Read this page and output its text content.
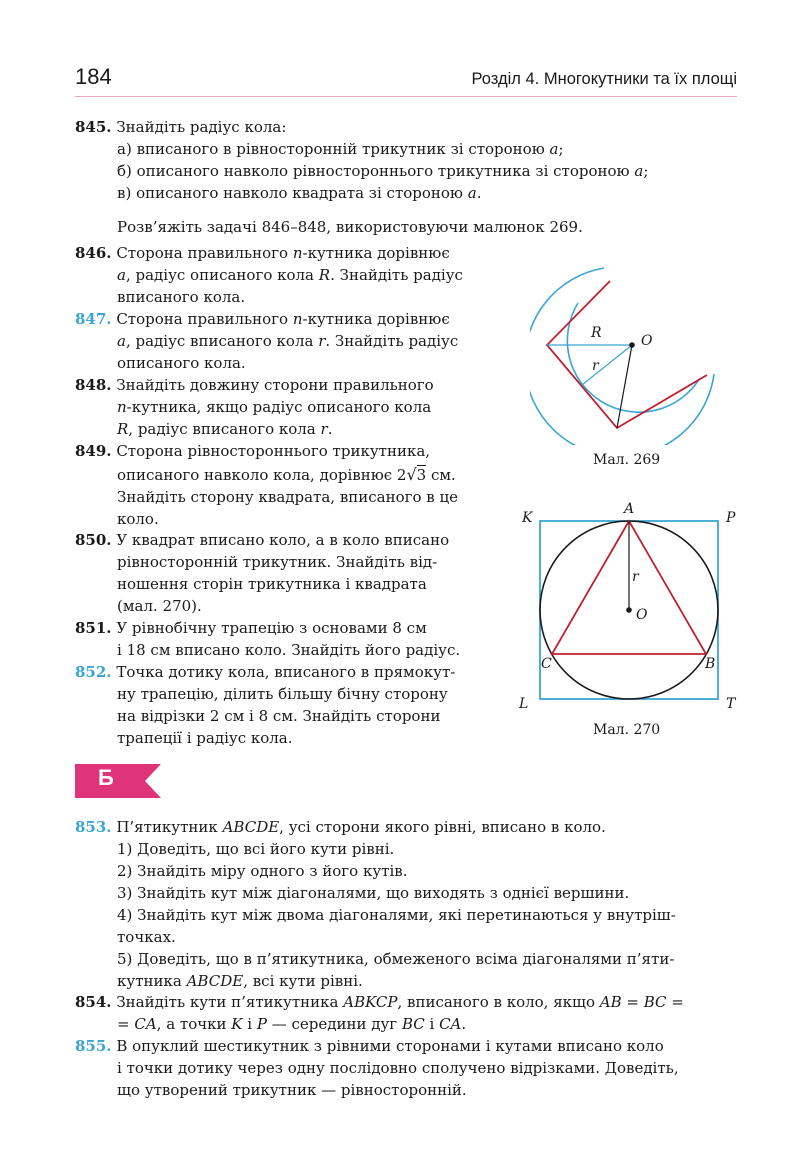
184	Розділ 4. Многокутники та їх площі
845. Знайдіть радіус кола:
а) вписаного в рівносторонній трикутник зі стороною a;
б) описаного навколо рівностороннього трикутника зі стороною a;
в) описаного навколо квадрата зі стороною a.
Розв’яжіть задачі 846–848, використовуючи малюнок 269.
846. Сторона правильного n-кутника дорівнює
a, радіус описаного кола R. Знайдіть радіус
вписаного кола.
847. Сторона правильного n-кутника дорівнює
a, радіус вписаного кола r. Знайдіть радіус
описаного кола.
848. Знайдіть довжину сторони правильного
n-кутника, якщо радіус описаного кола
R, радіус вписаного кола r.
849. Сторона рівностороннього трикутника,
описаного навколо кола, дорівнює 2√3 см.
Знайдіть сторону квадрата, вписаного в це
коло.
850. У квадрат вписано коло, а в коло вписано
рівносторонній трикутник. Знайдіть від-
ношення сторін трикутника і квадрата
(мал. 270).
851. У рівнобічну трапецію з основами 8 см
і 18 см вписано коло. Знайдіть його радіус.
852. Точка дотику кола, вписаного в прямокут-
ну трапецію, ділить більшу бічну сторону
на відрізки 2 см і 8 см. Знайдіть сторони
трапеції і радіус кола.
853. П’ятикутник ABCDE, усі сторони якого рівні, вписано в коло.
1) Доведіть, що всі його кути рівні.
2) Знайдіть міру одного з його кутів.
3) Знайдіть кут між діагоналями, що виходять з однієї вершини.
4) Знайдіть кут між двома діагоналями, які перетинаються у внутріш-
точках.
5) Доведіть, що в п’ятикутника, обмеженого всіма діагоналями п’яти-
кутника ABCDE, всі кути рівні.
854. Знайдіть кути п’ятикутника ABKCP, вписаного в коло, якщо AB = BC =
= CA, а точки K і P — середини дуг BC і CA.
855. В опуклий шестикутник з рівними сторонами і кутами вписано коло
і точки дотику через одну послідовно сполучено відрізками. Доведіть,
що утворений трикутник — рівносторонній.
Б
R	O
r
Мал. 269
K
A
P
r
O
C	B
L	T
Мал. 270
